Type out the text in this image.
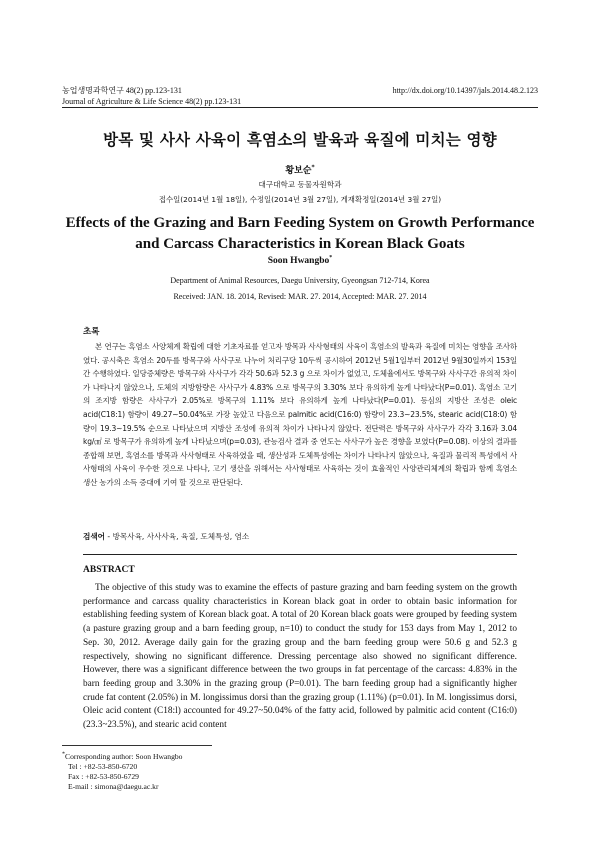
농업생명과학연구 48(2) pp.123-131	http://dx.doi.org/10.14397/jals.2014.48.2.123
Journal of Agriculture & Life Science 48(2) pp.123-131
방목 및 사사 사육이 흑염소의 발육과 육질에 미치는 영향
황보순*
대구대학교 동물자원학과
접수일(2014년 1월 18일), 수정일(2014년 3월 27일), 게재확정일(2014년 3월 27일)
Effects of the Grazing and Barn Feeding System on Growth Performance
and Carcass Characteristics in Korean Black Goats
Soon Hwangbo*
Department of Animal Resources, Daegu University, Gyeongsan 712-714, Korea
Received: JAN. 18. 2014, Revised: MAR. 27. 2014, Accepted: MAR. 27. 2014
초록

본 연구는 흑염소 사양체계 확립에 대한 기초자료를 얻고자 방목과 사사형태의 사육이 흑염소의 발육과 육질에 미치는 영향을 조사하였다. 공시축은 흑염소 20두를 방목구와 사사구로 나누어 처리구당 10두씩 공시하여 2012년 5월1일부터 2012년 9월30일까지 153일간 수행하였다. 일당증체량은 방목구와 사사구가 각각 50.6과 52.3 g 으로 차이가 없었고, 도체율에서도 방목구와 사사구간 유의적 차이가 나타나지 않았으나, 도체의 지방함량은 사사구가 4.83% 으로 방목구의 3.30% 보다 유의하게 높게 나타났다(P=0.01). 흑염소 고기의 조지방 함량은 사사구가 2.05%로 방목구의 1.11% 보다 유의하게 높게 나타났다(P=0.01). 등심의 지방산 조성은 oleic acid(C18:1) 함량이 49.27~50.04%로 가장 높았고 다음으로 palmitic acid(C16:0) 함량이 23.3~23.5%, stearic acid(C18:0) 함량이 19.3~19.5% 순으로 나타났으며 지방산 조성에 유의적 차이가 나타나지 않았다. 전단력은 방목구와 사사구가 각각 3.16과 3.04 kg/㎠ 로 방목구가 유의하게 높게 나타났으며(p=0.03), 관능검사 결과 중 연도는 사사구가 높은 경향을 보였다(P=0.08). 이상의 결과를 종합해 보면, 흑염소를 방목과 사사형태로 사육하였을 때, 생산성과 도체특성에는 차이가 나타나지 않았으나, 육질과 물리적 특성에서 사사형태의 사육이 우수한 것으로 나타나, 고기 생산을 위해서는 사사형태로 사육하는 것이 효율적인 사양관리체계의 확립과 함께 흑염소 생산 농가의 소득 증대에 기여 할 것으로 판단된다.

검색어 - 방목사육, 사사사육, 육질, 도체특성, 염소
ABSTRACT

The objective of this study was to examine the effects of pasture grazing and barn feeding system on the growth performance and carcass quality characteristics in Korean black goat in order to obtain basic information for establishing feeding system of Korean black goat. A total of 20 Korean black goats were grouped by feeding system (a pasture grazing group and a barn feeding group, n=10) to conduct the study for 153 days from May 1, 2012 to Sep. 30, 2012. Average daily gain for the grazing group and the barn feeding group were 50.6 g and 52.3 g respectively, showing no significant difference. Dressing percentage also showed no significant difference. However, there was a significant difference between the two groups in fat percentage of the carcass: 4.83% in the barn feeding group and 3.30% in the grazing group (P=0.01). The barn feeding group had a significantly higher crude fat content (2.05%) in M. longissimus dorsi than the grazing group (1.11%) (p=0.01). In M. longissimus dorsi, Oleic acid content (C18:l) accounted for 49.27~50.04% of the fatty acid, followed by palmitic acid content (C16:0) (23.3~23.5%), and stearic acid content

*Corresponding author: Soon Hwangbo
Tel : +82-53-850-6720
Fax : +82-53-850-6729
E-mail : simona@daegu.ac.kr
